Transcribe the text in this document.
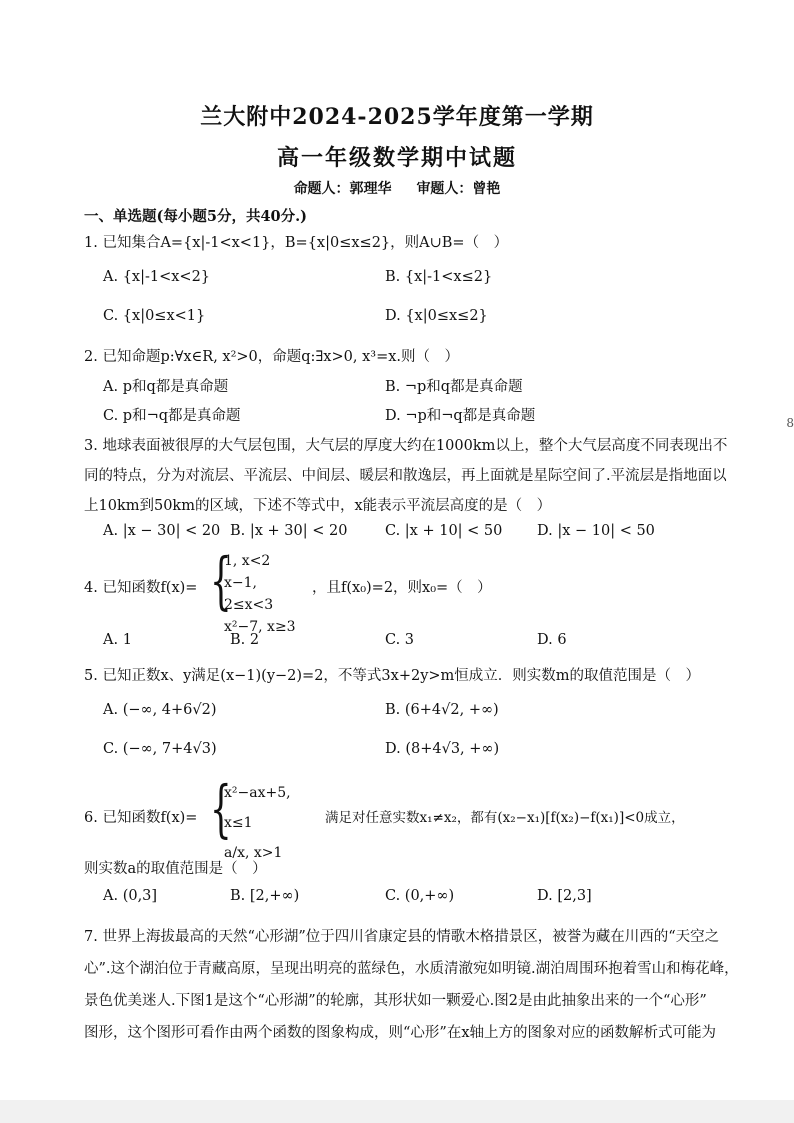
兰大附中2024-2025学年度第一学期
高一年级数学期中试题
命题人：郭理华 审题人：曾艳
一、单选题(每小题5分，共40分.)
1. 已知集合A={x|-1<x<1}，B={x|0≤x≤2}，则A∪B=（　）
A. {x|-1<x<2}	B. {x|-1<x≤2}
C. {x|0≤x<1}	D. {x|0≤x≤2}
2. 已知命题p:∀x∈R, x²>0，命题q:∃x>0, x³=x.则（　）
A. p和q都是真命题	B. ¬p和q都是真命题
C. p和¬q都是真命题	D. ¬p和¬q都是真命题
3. 地球表面被很厚的大气层包围，大气层的厚度大约在1000km以上，整个大气层高度不同表现出不
同的特点，分为对流层、平流层、中间层、暖层和散逸层，再上面就是星际空间了.平流层是指地面以
上10km到50km的区域，下述不等式中，x能表示平流层高度的是（　）
A. |x − 30| < 20 B. |x + 30| < 20	C. |x + 10| < 50 D. |x − 10| < 50
4. 已知函数f(x)= {
1, x<2
x−1, 2≤x<3
x²−7, x≥3
，且f(x₀)=2，则x₀=（　）
A. 1	B. 2	C. 3	D. 6
5. 已知正数x、y满足(x−1)(y−2)=2，不等式3x+2y>m恒成立．则实数m的取值范围是（　）
A. (−∞, 4+6√2)	B. (6+4√2, +∞)
C. (−∞, 7+4√3)	D. (8+4√3, +∞)
6. 已知函数f(x)= {
x²−ax+5, x≤1
a/x, x>1
满足对任意实数x₁≠x₂，都有(x₂−x₁)[f(x₂)−f(x₁)]<0成立，
则实数a的取值范围是（　）
A. (0,3]	B. [2,+∞)	C. (0,+∞)	D. [2,3]
7. 世界上海拔最高的天然“心形湖”位于四川省康定县的情歌木格措景区，被誉为藏在川西的“天空之
心”.这个湖泊位于青藏高原，呈现出明亮的蓝绿色，水质清澈宛如明镜.湖泊周围环抱着雪山和梅花峰，
景色优美迷人.下图1是这个“心形湖”的轮廓，其形状如一颗爱心.图2是由此抽象出来的一个“心形”
图形，这个图形可看作由两个函数的图象构成，则“心形”在x轴上方的图象对应的函数解析式可能为
8
